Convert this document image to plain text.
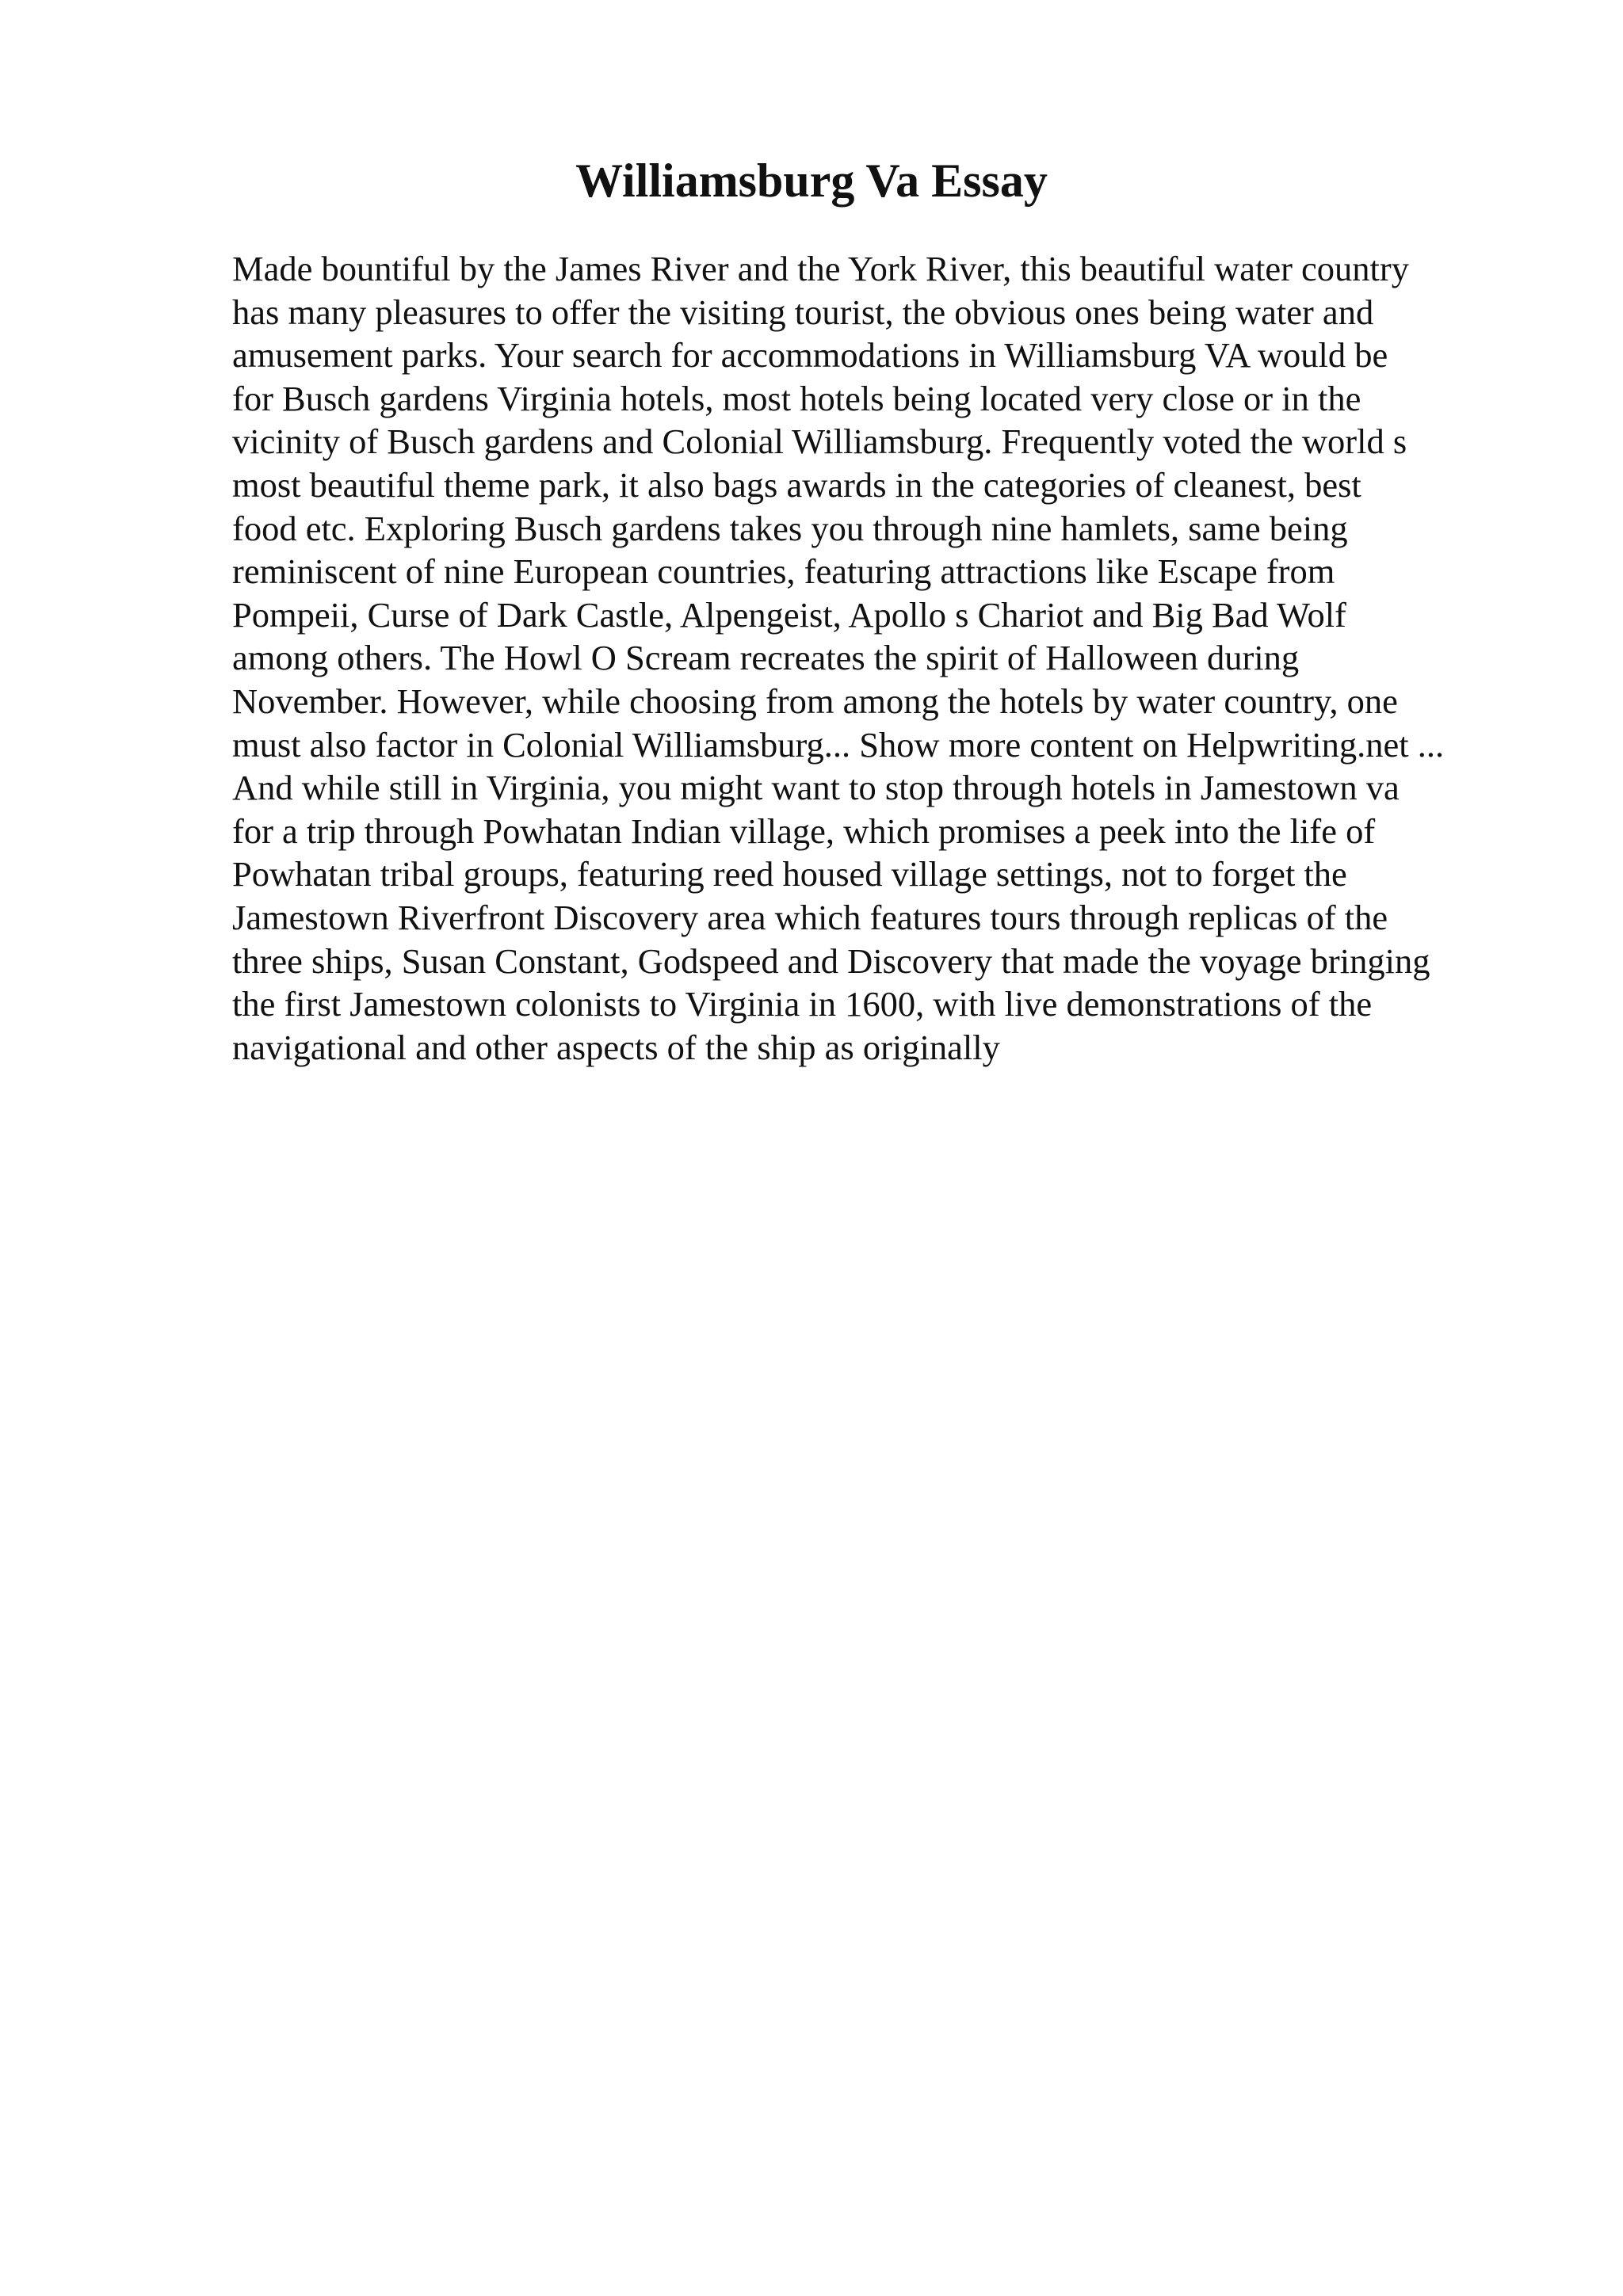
Williamsburg Va Essay
Made bountiful by the James River and the York River, this beautiful water country
has many pleasures to offer the visiting tourist, the obvious ones being water and
amusement parks. Your search for accommodations in Williamsburg VA would be
for Busch gardens Virginia hotels, most hotels being located very close or in the
vicinity of Busch gardens and Colonial Williamsburg. Frequently voted the world s
most beautiful theme park, it also bags awards in the categories of cleanest, best
food etc. Exploring Busch gardens takes you through nine hamlets, same being
reminiscent of nine European countries, featuring attractions like Escape from
Pompeii, Curse of Dark Castle, Alpengeist, Apollo s Chariot and Big Bad Wolf
among others. The Howl O Scream recreates the spirit of Halloween during
November. However, while choosing from among the hotels by water country, one
must also factor in Colonial Williamsburg... Show more content on Helpwriting.net ...
And while still in Virginia, you might want to stop through hotels in Jamestown va
for a trip through Powhatan Indian village, which promises a peek into the life of
Powhatan tribal groups, featuring reed housed village settings, not to forget the
Jamestown Riverfront Discovery area which features tours through replicas of the
three ships, Susan Constant, Godspeed and Discovery that made the voyage bringing
the first Jamestown colonists to Virginia in 1600, with live demonstrations of the
navigational and other aspects of the ship as originally
